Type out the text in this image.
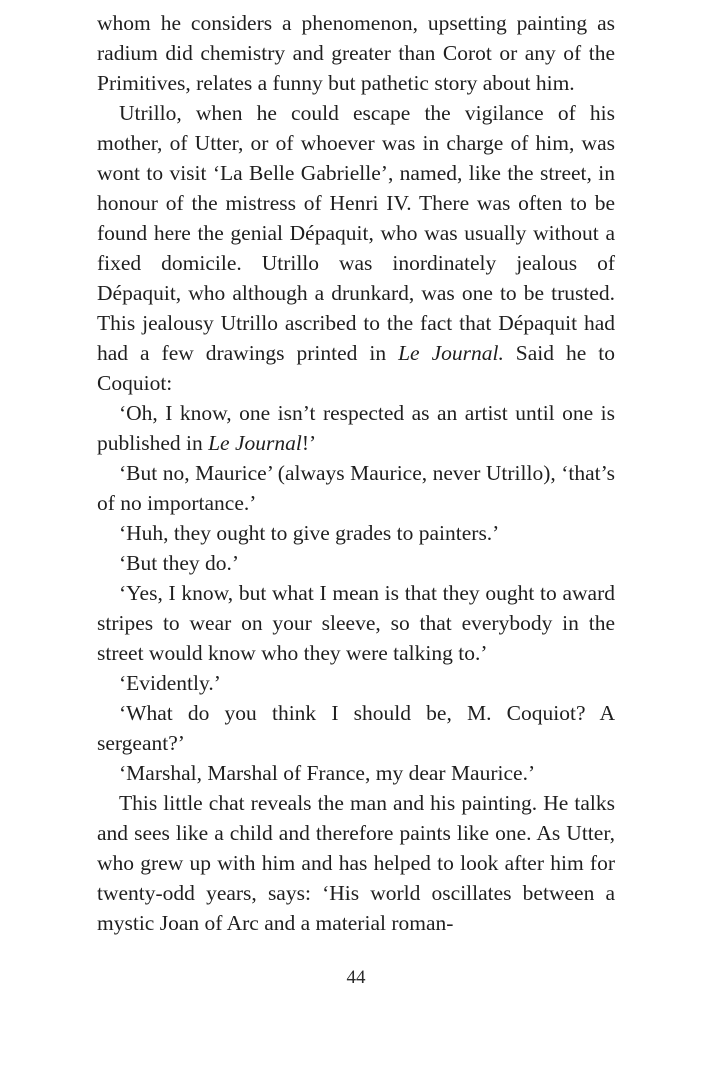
whom he considers a phenomenon, upsetting painting as radium did chemistry and greater than Corot or any of the Primitives, relates a funny but pathetic story about him.

Utrillo, when he could escape the vigilance of his mother, of Utter, or of whoever was in charge of him, was wont to visit ‘La Belle Gabrielle’, named, like the street, in honour of the mistress of Henri IV. There was often to be found here the genial Dépaquit, who was usually without a fixed domicile. Utrillo was inordinately jealous of Dépaquit, who although a drunkard, was one to be trusted. This jealousy Utrillo ascribed to the fact that Dépaquit had had a few drawings printed in Le Journal. Said he to Coquiot:

‘Oh, I know, one isn’t respected as an artist until one is published in Le Journal!’

‘But no, Maurice’ (always Maurice, never Utrillo), ‘that’s of no importance.’

‘Huh, they ought to give grades to painters.’

‘But they do.’

‘Yes, I know, but what I mean is that they ought to award stripes to wear on your sleeve, so that everybody in the street would know who they were talking to.’

‘Evidently.’

‘What do you think I should be, M. Coquiot? A sergeant?’

‘Marshal, Marshal of France, my dear Maurice.’

This little chat reveals the man and his painting. He talks and sees like a child and therefore paints like one. As Utter, who grew up with him and has helped to look after him for twenty-odd years, says: ‘His world oscillates between a mystic Joan of Arc and a material roman-

44
